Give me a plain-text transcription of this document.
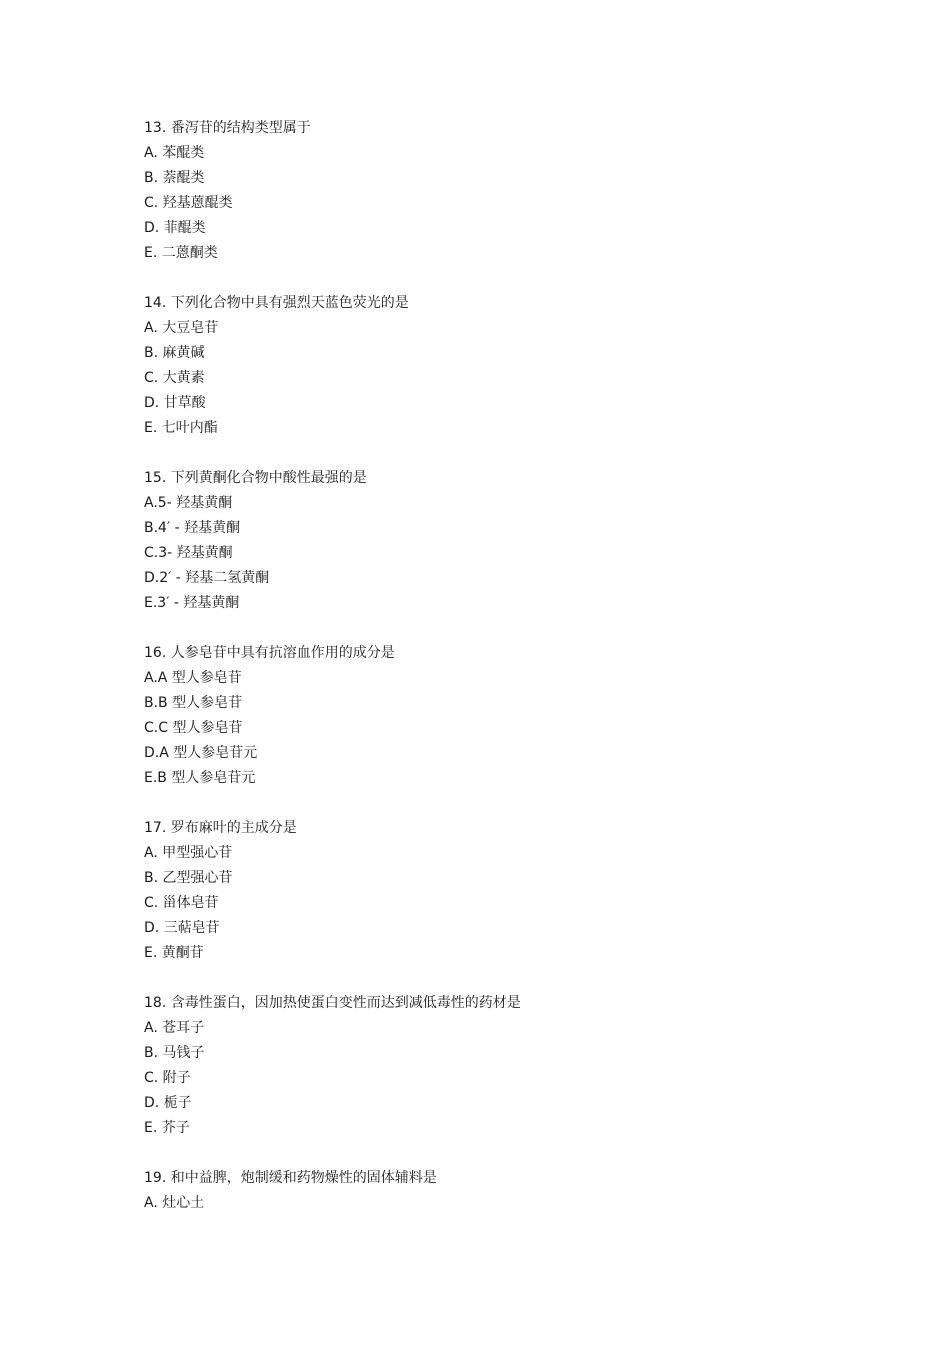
13. 番泻苷的结构类型属于
A. 苯醌类
B. 萘醌类
C. 羟基蒽醌类
D. 菲醌类
E. 二蒽酮类
14. 下列化合物中具有强烈天蓝色荧光的是
A. 大豆皂苷
B. 麻黄碱
C. 大黄素
D. 甘草酸
E. 七叶内酯
15. 下列黄酮化合物中酸性最强的是
A.5- 羟基黄酮
B.4′ - 羟基黄酮
C.3- 羟基黄酮
D.2′ - 羟基二氢黄酮
E.3′ - 羟基黄酮
16. 人参皂苷中具有抗溶血作用的成分是
A.A 型人参皂苷
B.B 型人参皂苷
C.C 型人参皂苷
D.A 型人参皂苷元
E.B 型人参皂苷元
17. 罗布麻叶的主成分是
A. 甲型强心苷
B. 乙型强心苷
C. 甾体皂苷
D. 三萜皂苷
E. 黄酮苷
18. 含毒性蛋白，因加热使蛋白变性而达到减低毒性的药材是
A. 苍耳子
B. 马钱子
C. 附子
D. 栀子
E. 芥子
19. 和中益脾，炮制缓和药物燥性的固体辅料是
A. 灶心土
